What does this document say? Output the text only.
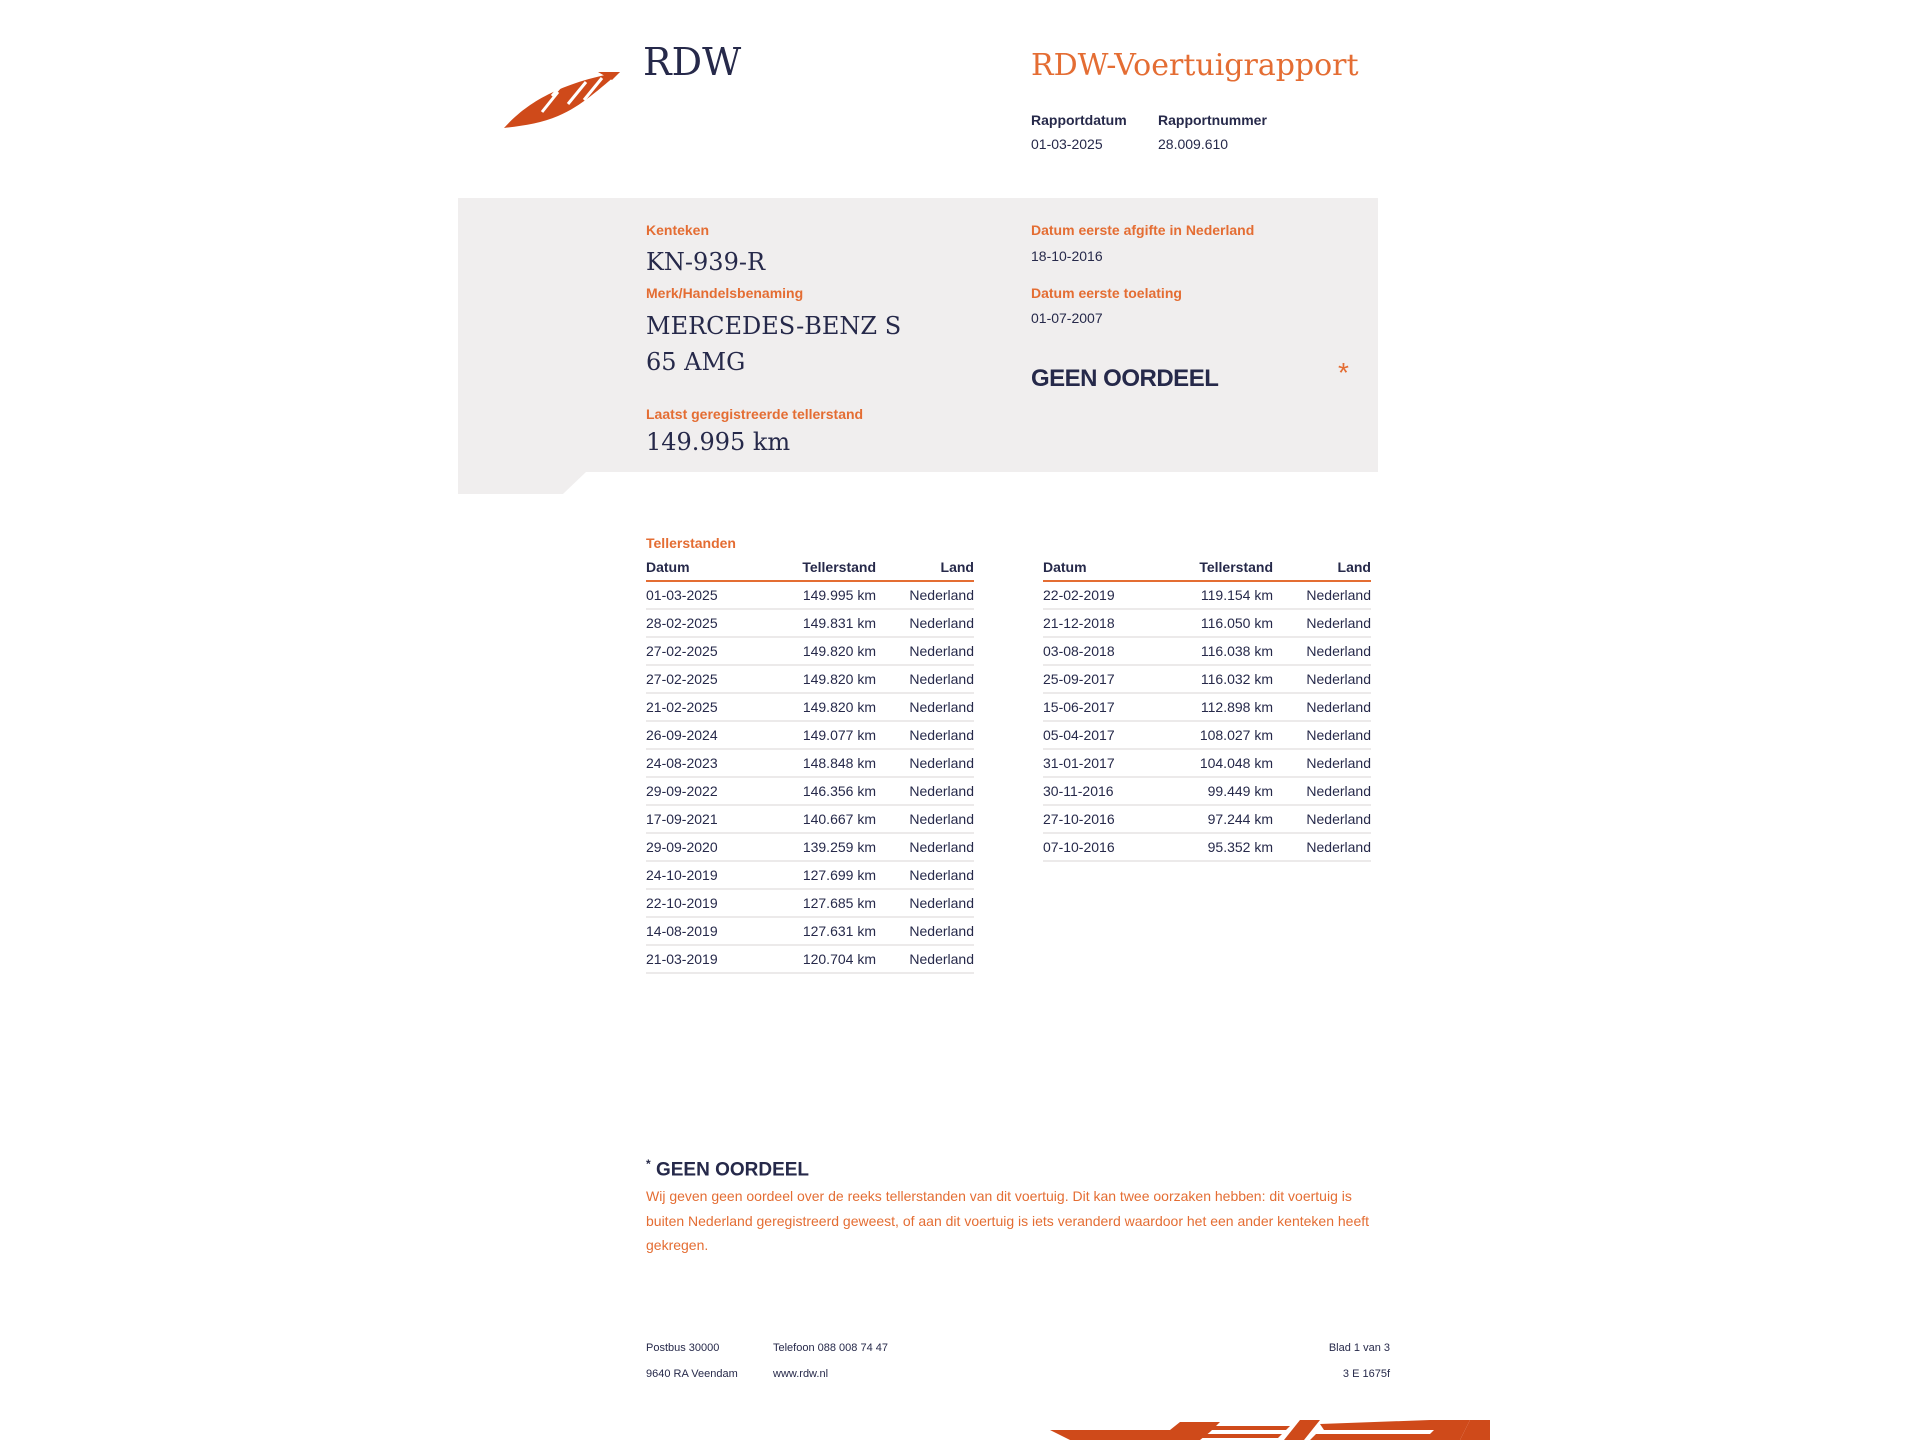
RDW	RDW-Voertuigrapport
Rapportdatum
01-03-2025
Rapportnummer
28.009.610
Kenteken
KN-939-R
Merk/Handelsbenaming
MERCEDES-BENZ S
65 AMG
Laatst geregistreerde tellerstand
149.995 km
Datum eerste afgifte in Nederland
18-10-2016
Datum eerste toelating
01-07-2007
GEEN OORDEEL	*
Tellerstanden
Datum	Tellerstand	Land
01-03-2025	149.995 km	Nederland
28-02-2025	149.831 km	Nederland
27-02-2025	149.820 km	Nederland
27-02-2025	149.820 km	Nederland
21-02-2025	149.820 km	Nederland
26-09-2024	149.077 km	Nederland
24-08-2023	148.848 km	Nederland
29-09-2022	146.356 km	Nederland
17-09-2021	140.667 km	Nederland
29-09-2020	139.259 km	Nederland
24-10-2019	127.699 km	Nederland
22-10-2019	127.685 km	Nederland
14-08-2019	127.631 km	Nederland
21-03-2019	120.704 km	Nederland
Datum	Tellerstand	Land
22-02-2019	119.154 km	Nederland
21-12-2018	116.050 km	Nederland
03-08-2018	116.038 km	Nederland
25-09-2017	116.032 km	Nederland
15-06-2017	112.898 km	Nederland
05-04-2017	108.027 km	Nederland
31-01-2017	104.048 km	Nederland
30-11-2016	99.449 km	Nederland
27-10-2016	97.244 km	Nederland
07-10-2016	95.352 km	Nederland
* GEEN OORDEEL
Wij geven geen oordeel over de reeks tellerstanden van dit voertuig. Dit kan twee oorzaken hebben: dit voertuig is buiten Nederland geregistreerd geweest, of aan dit voertuig is iets veranderd waardoor het een ander kenteken heeft gekregen.
Postbus 30000
9640 RA Veendam
Telefoon 088 008 74 47
www.rdw.nl
Blad 1 van 3
3 E 1675f
